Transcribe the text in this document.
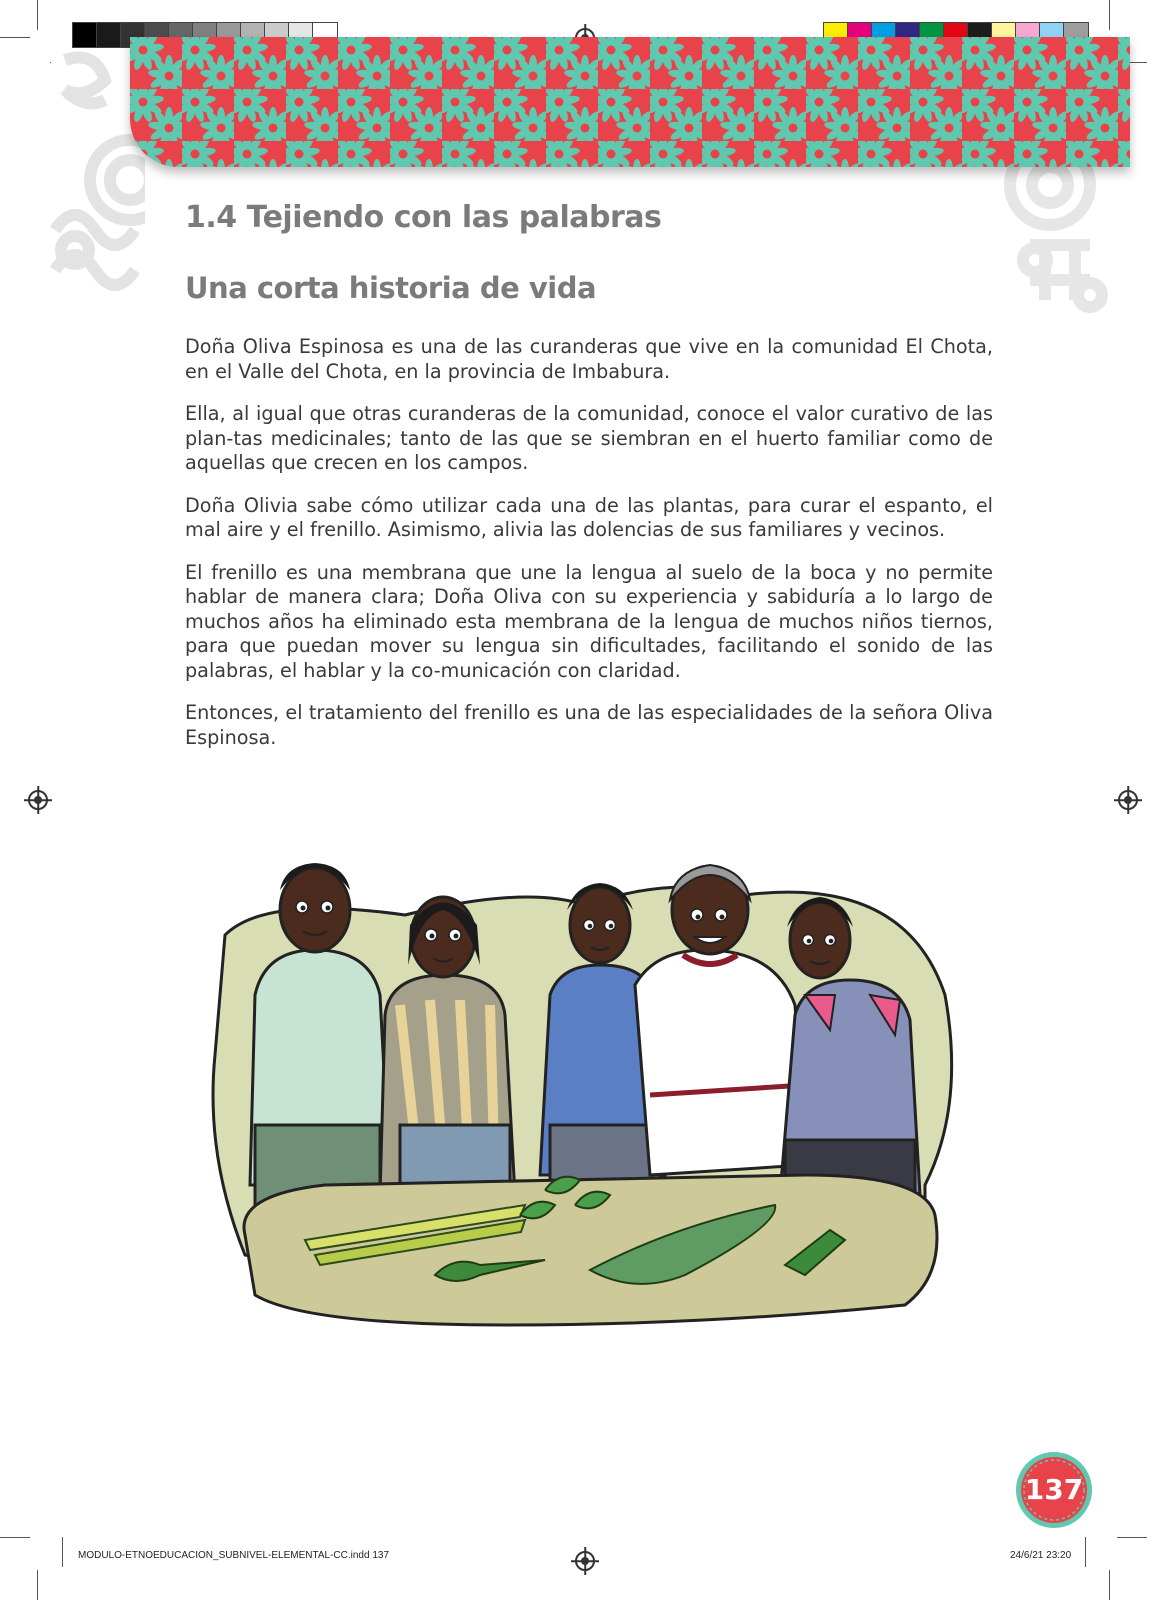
1.4 Tejiendo con las palabras
Una corta historia de vida

Doña Oliva Espinosa es una de las curanderas que vive en la comunidad El Chota, en el Valle del Chota, en la provincia de Imbabura.

Ella, al igual que otras curanderas de la comunidad, conoce el valor curativo de las plan-tas medicinales; tanto de las que se siembran en el huerto familiar como de aquellas que crecen en los campos.

Doña Olivia sabe cómo utilizar cada una de las plantas, para curar el espanto, el mal aire y el frenillo. Asimismo, alivia las dolencias de sus familiares y vecinos.

El frenillo es una membrana que une la lengua al suelo de la boca y no permite hablar de manera clara; Doña Oliva con su experiencia y sabiduría a lo largo de muchos años ha eliminado esta membrana de la lengua de muchos niños tiernos, para que puedan mover su lengua sin dificultades, facilitando el sonido de las palabras, el hablar y la co-municación con claridad.

Entonces, el tratamiento del frenillo es una de las especialidades de la señora Oliva Espinosa.

137
MODULO-ETNOEDUCACION_SUBNIVEL-ELEMENTAL-CC.indd 137	24/6/21 23:20
